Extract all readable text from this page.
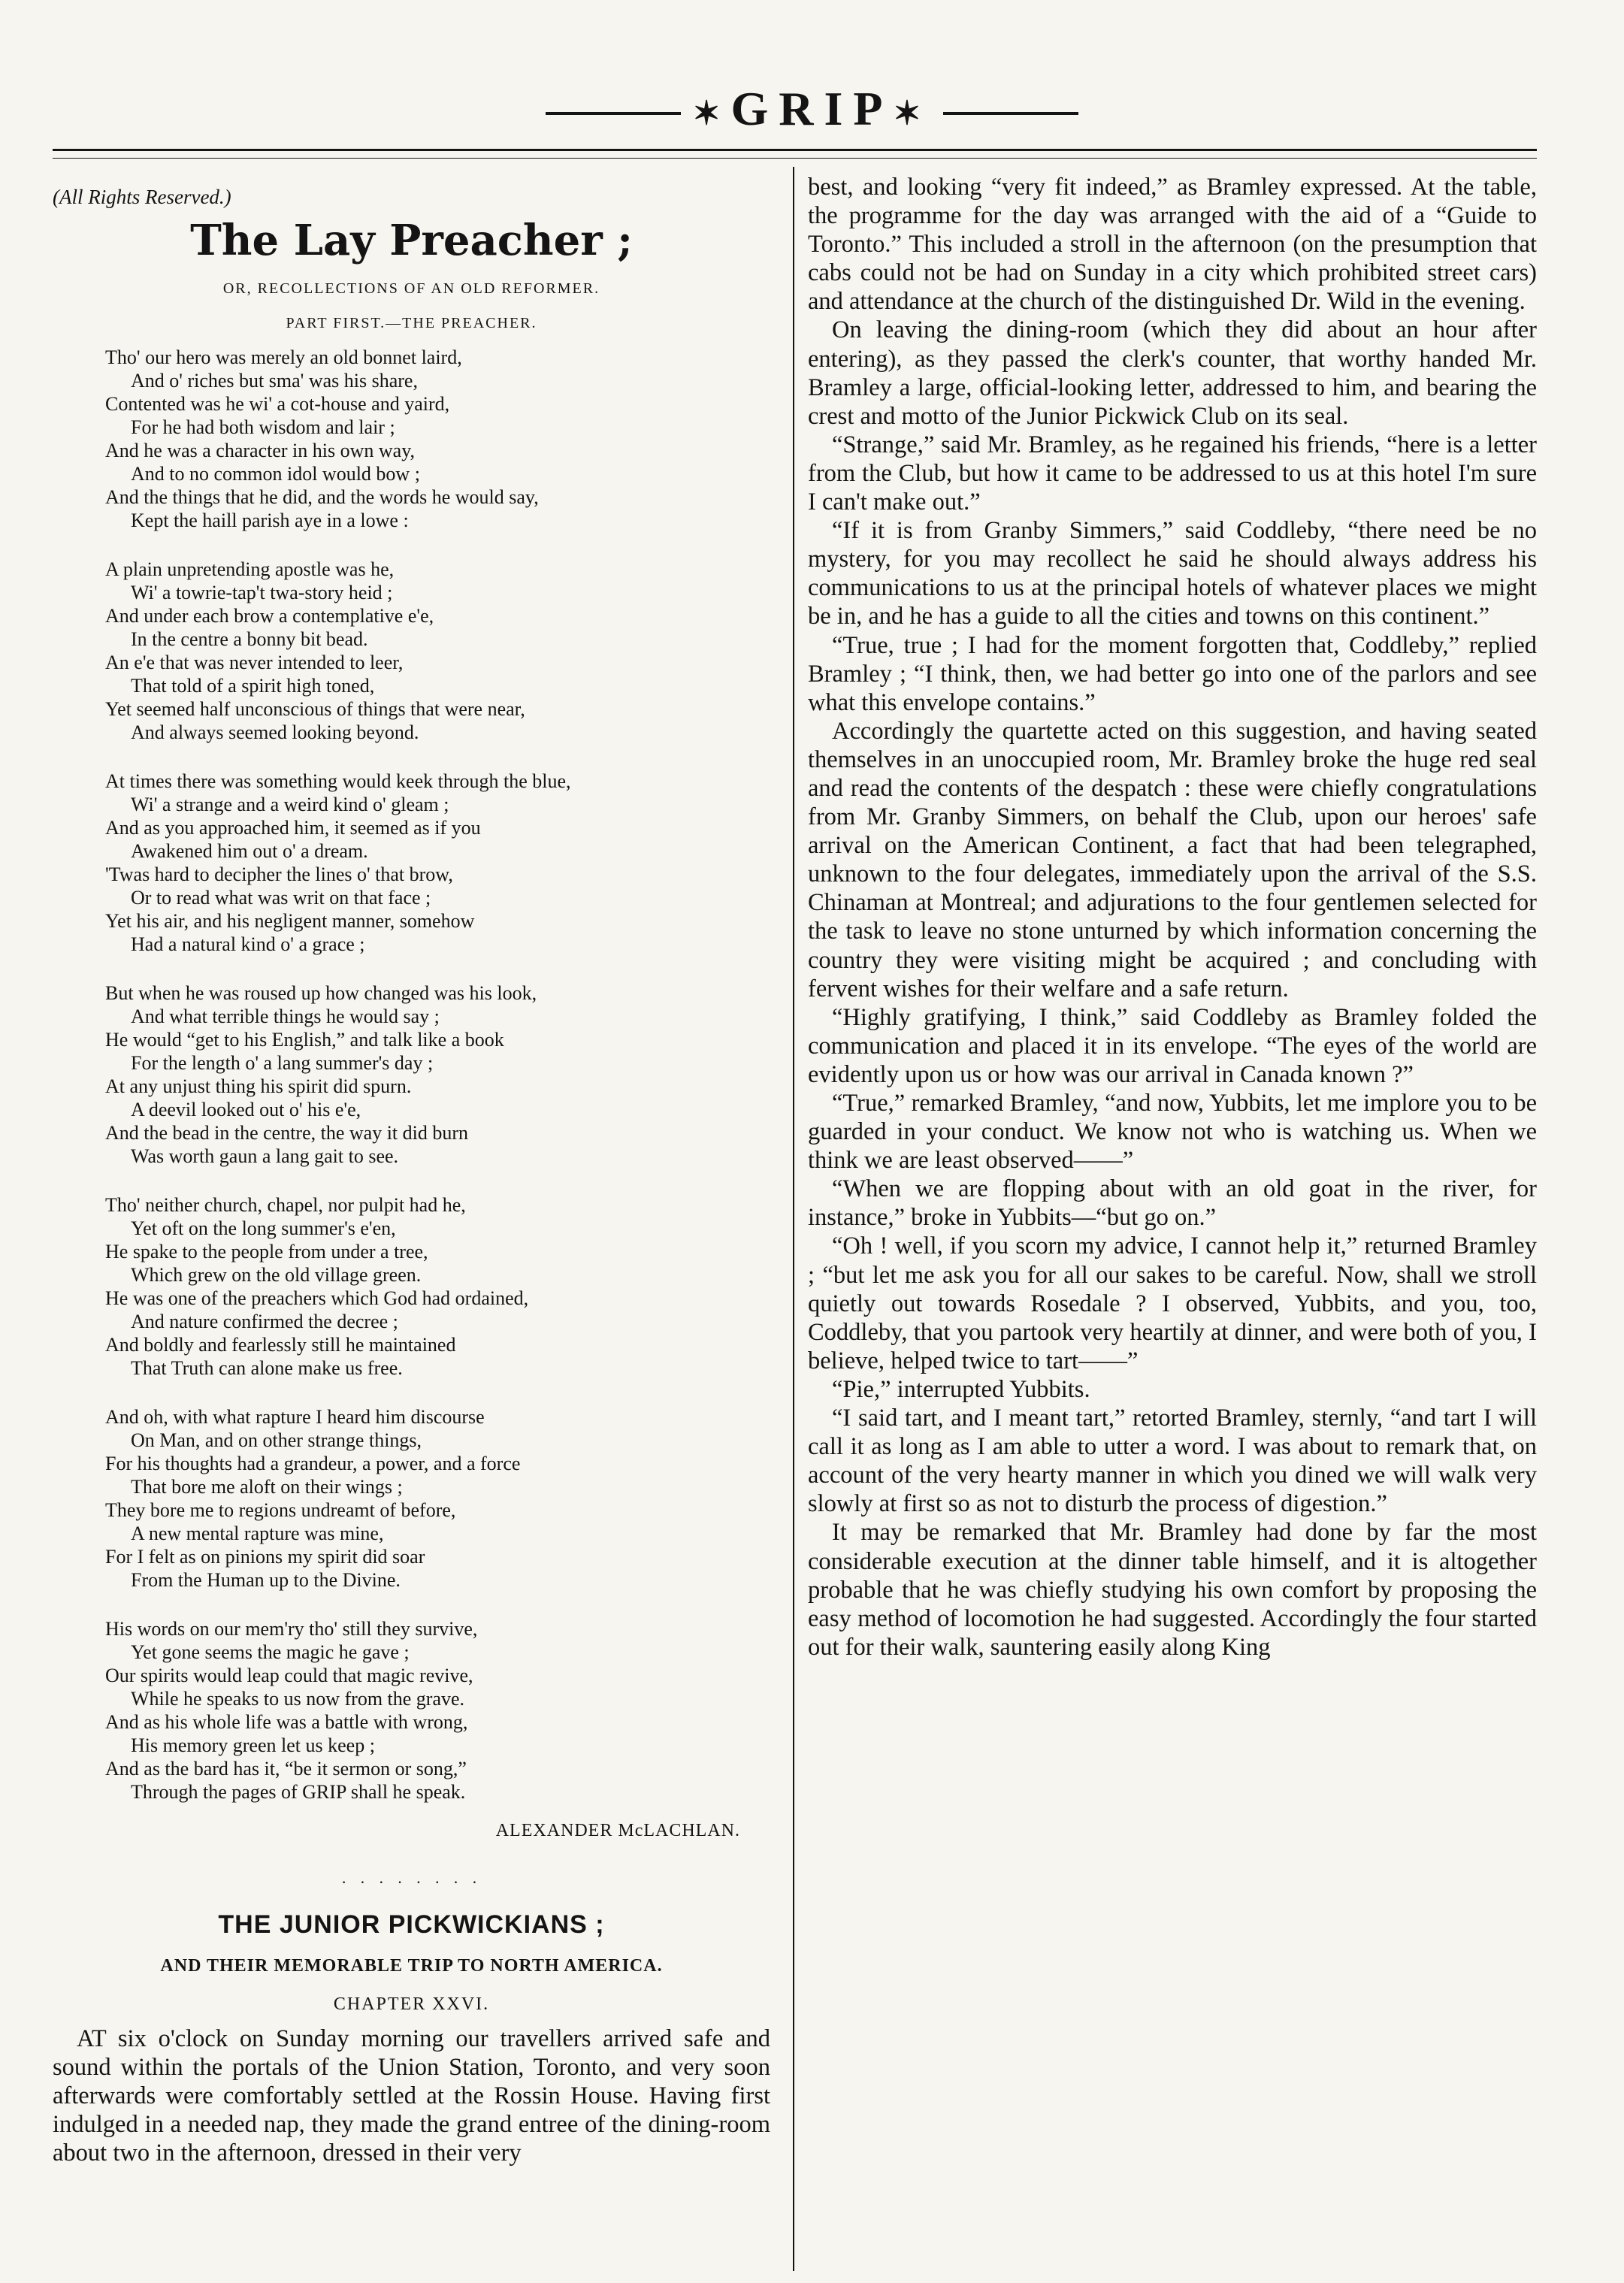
✶GRIP✶

(All Rights Reserved.)

The Lay Preacher ;

OR, RECOLLECTIONS OF AN OLD REFORMER.

PART FIRST.—THE PREACHER.

Tho' our hero was merely an old bonnet laird,
And o' riches but sma' was his share,
Contented was he wi' a cot-house and yaird,
For he had both wisdom and lair ;
And he was a character in his own way,
And to no common idol would bow ;
And the things that he did, and the words he would say,
Kept the haill parish aye in a lowe :
A plain unpretending apostle was he,
Wi' a towrie-tap't twa-story heid ;
And under each brow a contemplative e'e,
In the centre a bonny bit bead.
An e'e that was never intended to leer,
That told of a spirit high toned,
Yet seemed half unconscious of things that were near,
And always seemed looking beyond.
At times there was something would keek through the blue,
Wi' a strange and a weird kind o' gleam ;
And as you approached him, it seemed as if you
Awakened him out o' a dream.
'Twas hard to decipher the lines o' that brow,
Or to read what was writ on that face ;
Yet his air, and his negligent manner, somehow
Had a natural kind o' a grace ;
But when he was roused up how changed was his look,
And what terrible things he would say ;
He would “get to his English,” and talk like a book
For the length o' a lang summer's day ;
At any unjust thing his spirit did spurn.
A deevil looked out o' his e'e,
And the bead in the centre, the way it did burn
Was worth gaun a lang gait to see.
Tho' neither church, chapel, nor pulpit had he,
Yet oft on the long summer's e'en,
He spake to the people from under a tree,
Which grew on the old village green.
He was one of the preachers which God had ordained,
And nature confirmed the decree ;
And boldly and fearlessly still he maintained
That Truth can alone make us free.
And oh, with what rapture I heard him discourse
On Man, and on other strange things,
For his thoughts had a grandeur, a power, and a force
That bore me aloft on their wings ;
They bore me to regions undreamt of before,
A new mental rapture was mine,
For I felt as on pinions my spirit did soar
From the Human up to the Divine.
His words on our mem'ry tho' still they survive,
Yet gone seems the magic he gave ;
Our spirits would leap could that magic revive,
While he speaks to us now from the grave.
And as his whole life was a battle with wrong,
His memory green let us keep ;
And as the bard has it, “be it sermon or song,”
Through the pages of GRIP shall he speak.

ALEXANDER McLACHLAN.

· · · · · · · ·
THE JUNIOR PICKWICKIANS ;

AND THEIR MEMORABLE TRIP TO NORTH AMERICA.

CHAPTER XXVI.

AT six o'clock on Sunday morning our travellers arrived safe and sound within the portals of the Union Station, Toronto, and very soon afterwards were comfortably settled at the Rossin House. Having first indulged in a needed nap, they made the grand entree of the dining-room about two in the afternoon, dressed in their very

best, and looking “very fit indeed,” as Bramley expressed. At the table, the programme for the day was arranged with the aid of a “Guide to Toronto.” This included a stroll in the afternoon (on the presumption that cabs could not be had on Sunday in a city which prohibited street cars) and attendance at the church of the distinguished Dr. Wild in the evening.

On leaving the dining-room (which they did about an hour after entering), as they passed the clerk's counter, that worthy handed Mr. Bramley a large, official-looking letter, addressed to him, and bearing the crest and motto of the Junior Pickwick Club on its seal.

“Strange,” said Mr. Bramley, as he regained his friends, “here is a letter from the Club, but how it came to be addressed to us at this hotel I'm sure I can't make out.”

“If it is from Granby Simmers,” said Coddleby, “there need be no mystery, for you may recollect he said he should always address his communications to us at the principal hotels of whatever places we might be in, and he has a guide to all the cities and towns on this continent.”

“True, true ; I had for the moment forgotten that, Coddleby,” replied Bramley ; “I think, then, we had better go into one of the parlors and see what this envelope contains.”

Accordingly the quartette acted on this suggestion, and having seated themselves in an unoccupied room, Mr. Bramley broke the huge red seal and read the contents of the despatch : these were chiefly congratulations from Mr. Granby Simmers, on behalf the Club, upon our heroes' safe arrival on the American Continent, a fact that had been telegraphed, unknown to the four delegates, immediately upon the arrival of the S.S. Chinaman at Montreal; and adjurations to the four gentlemen selected for the task to leave no stone unturned by which information concerning the country they were visiting might be acquired ; and concluding with fervent wishes for their welfare and a safe return.

“Highly gratifying, I think,” said Coddleby as Bramley folded the communication and placed it in its envelope. “The eyes of the world are evidently upon us or how was our arrival in Canada known ?”

“True,” remarked Bramley, “and now, Yubbits, let me implore you to be guarded in your conduct. We know not who is watching us. When we think we are least observed——”

“When we are flopping about with an old goat in the river, for instance,” broke in Yubbits—“but go on.”

“Oh ! well, if you scorn my advice, I cannot help it,” returned Bramley ; “but let me ask you for all our sakes to be careful. Now, shall we stroll quietly out towards Rosedale ? I observed, Yubbits, and you, too, Coddleby, that you partook very heartily at dinner, and were both of you, I believe, helped twice to tart——”

“Pie,” interrupted Yubbits.

“I said tart, and I meant tart,” retorted Bramley, sternly, “and tart I will call it as long as I am able to utter a word. I was about to remark that, on account of the very hearty manner in which you dined we will walk very slowly at first so as not to disturb the process of digestion.”

It may be remarked that Mr. Bramley had done by far the most considerable execution at the dinner table himself, and it is altogether probable that he was chiefly studying his own comfort by proposing the easy method of locomotion he had suggested. Accordingly the four started out for their walk, sauntering easily along King
